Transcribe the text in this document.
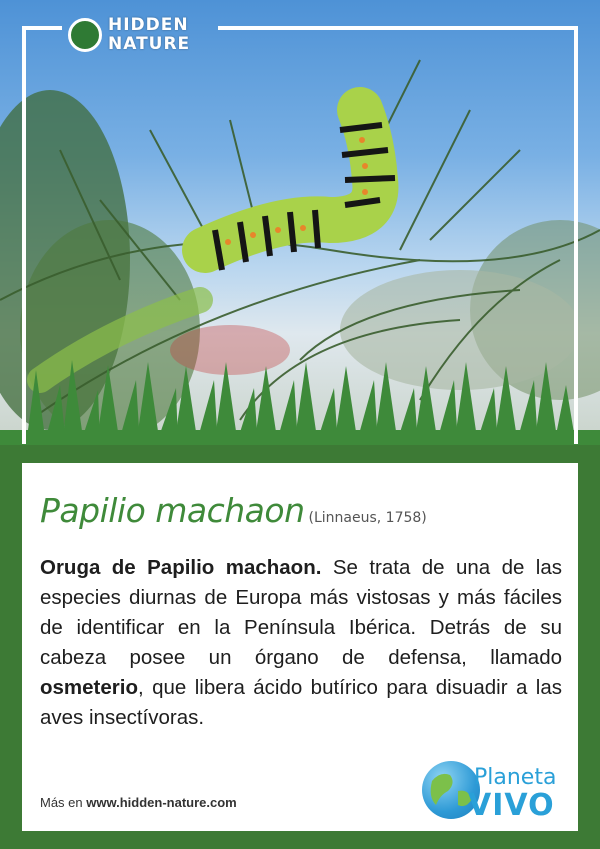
HIDDEN
NATURE
Papilio machaon (Linnaeus, 1758)
Oruga de Papilio machaon. Se trata de una de las especies diurnas de Europa más vistosas y más fáciles de identificar en la Península Ibérica. Detrás de su cabeza posee un órgano de defensa, llamado osmeterio, que libera ácido butírico para disuadir a las aves insectívoras.
Más en www.hidden-nature.com
Planeta
VIVO
